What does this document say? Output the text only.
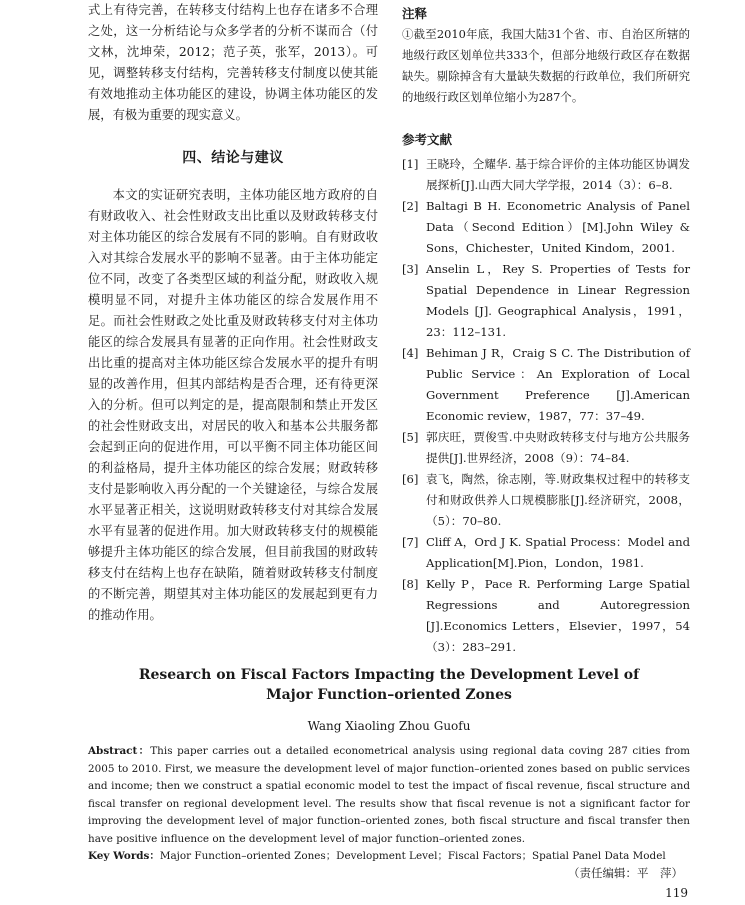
式上有待完善，在转移支付结构上也存在诸多不合理之处，这一分析结论与众多学者的分析不谋而合（付文林，沈坤荣，2012；范子英，张军，2013）。可见，调整转移支付结构，完善转移支付制度以使其能有效地推动主体功能区的建设，协调主体功能区的发展，有极为重要的现实意义。

四、结论与建议

本文的实证研究表明，主体功能区地方政府的自有财政收入、社会性财政支出比重以及财政转移支付对主体功能区的综合发展有不同的影响。自有财政收入对其综合发展水平的影响不显著。由于主体功能定位不同，改变了各类型区域的利益分配，财政收入规模明显不同，对提升主体功能区的综合发展作用不足。而社会性财政之处比重及财政转移支付对主体功能区的综合发展具有显著的正向作用。社会性财政支出比重的提高对主体功能区综合发展水平的提升有明显的改善作用，但其内部结构是否合理，还有待更深入的分析。但可以判定的是，提高限制和禁止开发区的社会性财政支出，对居民的收入和基本公共服务都会起到正向的促进作用，可以平衡不同主体功能区间的利益格局，提升主体功能区的综合发展；财政转移支付是影响收入再分配的一个关键途径，与综合发展水平显著正相关，这说明财政转移支付对其综合发展水平有显著的促进作用。加大财政转移支付的规模能够提升主体功能区的综合发展，但目前我国的财政转移支付在结构上也存在缺陷，随着财政转移支付制度的不断完善，期望其对主体功能区的发展起到更有力的推动作用。

注释

①截至2010年底，我国大陆31个省、市、自治区所辖的地级行政区划单位共333个，但部分地级行政区存在数据缺失。剔除掉含有大量缺失数据的行政单位，我们所研究的地级行政区划单位缩小为287个。

参考文献
[1] 王晓玲，仝耀华. 基于综合评价的主体功能区协调发展探析[J].山西大同大学学报，2014（3）：6–8.
[2] Baltagi B H. Econometric Analysis of Panel Data（Second Edition）[M].John Wiley & Sons，Chichester，United Kindom，2001.
[3] Anselin L，Rey S. Properties of Tests for Spatial Dependence in Linear Regression Models [J]. Geographical Analysis，1991，23：112–131.
[4] Behiman J R，Craig S C. The Distribution of Public Service：An Exploration of Local Government Preference [J].American Economic review，1987，77：37–49.
[5] 郭庆旺，贾俊雪.中央财政转移支付与地方公共服务提供[J].世界经济，2008（9）：74–84.
[6] 袁飞，陶然，徐志刚，等.财政集权过程中的转移支付和财政供养人口规模膨胀[J].经济研究，2008，（5）：70–80.
[7] Cliff A，Ord J K. Spatial Process：Model and Application[M].Pion，London，1981.
[8] Kelly P，Pace R. Performing Large Spatial Regressions and Autoregression [J].Economics Letters，Elsevier，1997，54（3）：283–291.

Research on Fiscal Factors Impacting the Development Level of

Major Function–oriented Zones

Wang Xiaoling Zhou Guofu

Abstract：This paper carries out a detailed econometrical analysis using regional data coving 287 cities from 2005 to 2010. First, we measure the development level of major function–oriented zones based on public services and income; then we construct a spatial economic model to test the impact of fiscal revenue, fiscal structure and fiscal transfer on regional development level. The results show that fiscal revenue is not a significant factor for improving the development level of major function–oriented zones, both fiscal structure and fiscal transfer then have positive influence on the development level of major function–oriented zones.

Key Words：Major Function–oriented Zones；Development Level；Fiscal Factors；Spatial Panel Data Model

（责任编辑：平　萍）
119
